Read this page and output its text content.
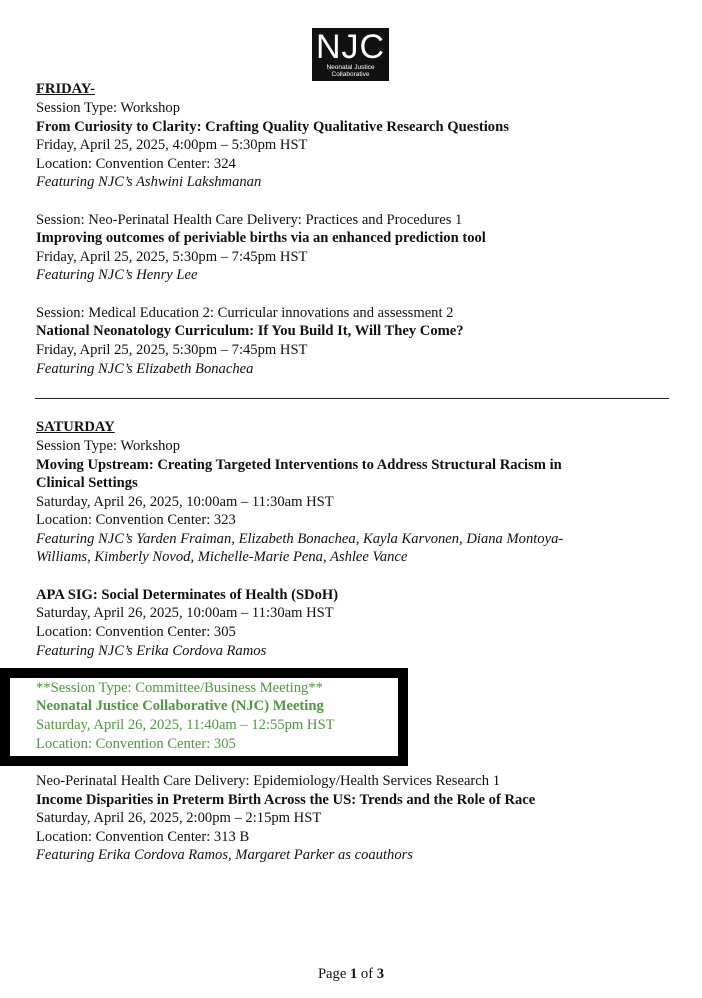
NJC
Neonatal Justice
Collaborative
FRIDAY-
Session Type: Workshop
From Curiosity to Clarity: Crafting Quality Qualitative Research Questions
Friday, April 25, 2025, 4:00pm – 5:30pm HST
Location: Convention Center: 324
Featuring NJC’s Ashwini Lakshmanan
Session: Neo-Perinatal Health Care Delivery: Practices and Procedures 1
Improving outcomes of periviable births via an enhanced prediction tool
Friday, April 25, 2025, 5:30pm – 7:45pm HST
Featuring NJC’s Henry Lee
Session: Medical Education 2: Curricular innovations and assessment 2
National Neonatology Curriculum: If You Build It, Will They Come?
Friday, April 25, 2025, 5:30pm – 7:45pm HST
Featuring NJC’s Elizabeth Bonachea
SATURDAY
Session Type: Workshop
Moving Upstream: Creating Targeted Interventions to Address Structural Racism in
Clinical Settings
Saturday, April 26, 2025, 10:00am – 11:30am HST
Location: Convention Center: 323
Featuring NJC’s Yarden Fraiman, Elizabeth Bonachea, Kayla Karvonen, Diana Montoya-
Williams, Kimberly Novod, Michelle-Marie Pena, Ashlee Vance
APA SIG: Social Determinates of Health (SDoH)
Saturday, April 26, 2025, 10:00am – 11:30am HST
Location: Convention Center: 305
Featuring NJC’s Erika Cordova Ramos
**Session Type: Committee/Business Meeting**
Neonatal Justice Collaborative (NJC) Meeting
Saturday, April 26, 2025, 11:40am – 12:55pm HST
Location: Convention Center: 305
Neo-Perinatal Health Care Delivery: Epidemiology/Health Services Research 1
Income Disparities in Preterm Birth Across the US: Trends and the Role of Race
Saturday, April 26, 2025, 2:00pm – 2:15pm HST
Location: Convention Center: 313 B
Featuring Erika Cordova Ramos, Margaret Parker as coauthors
Page 1 of 3
